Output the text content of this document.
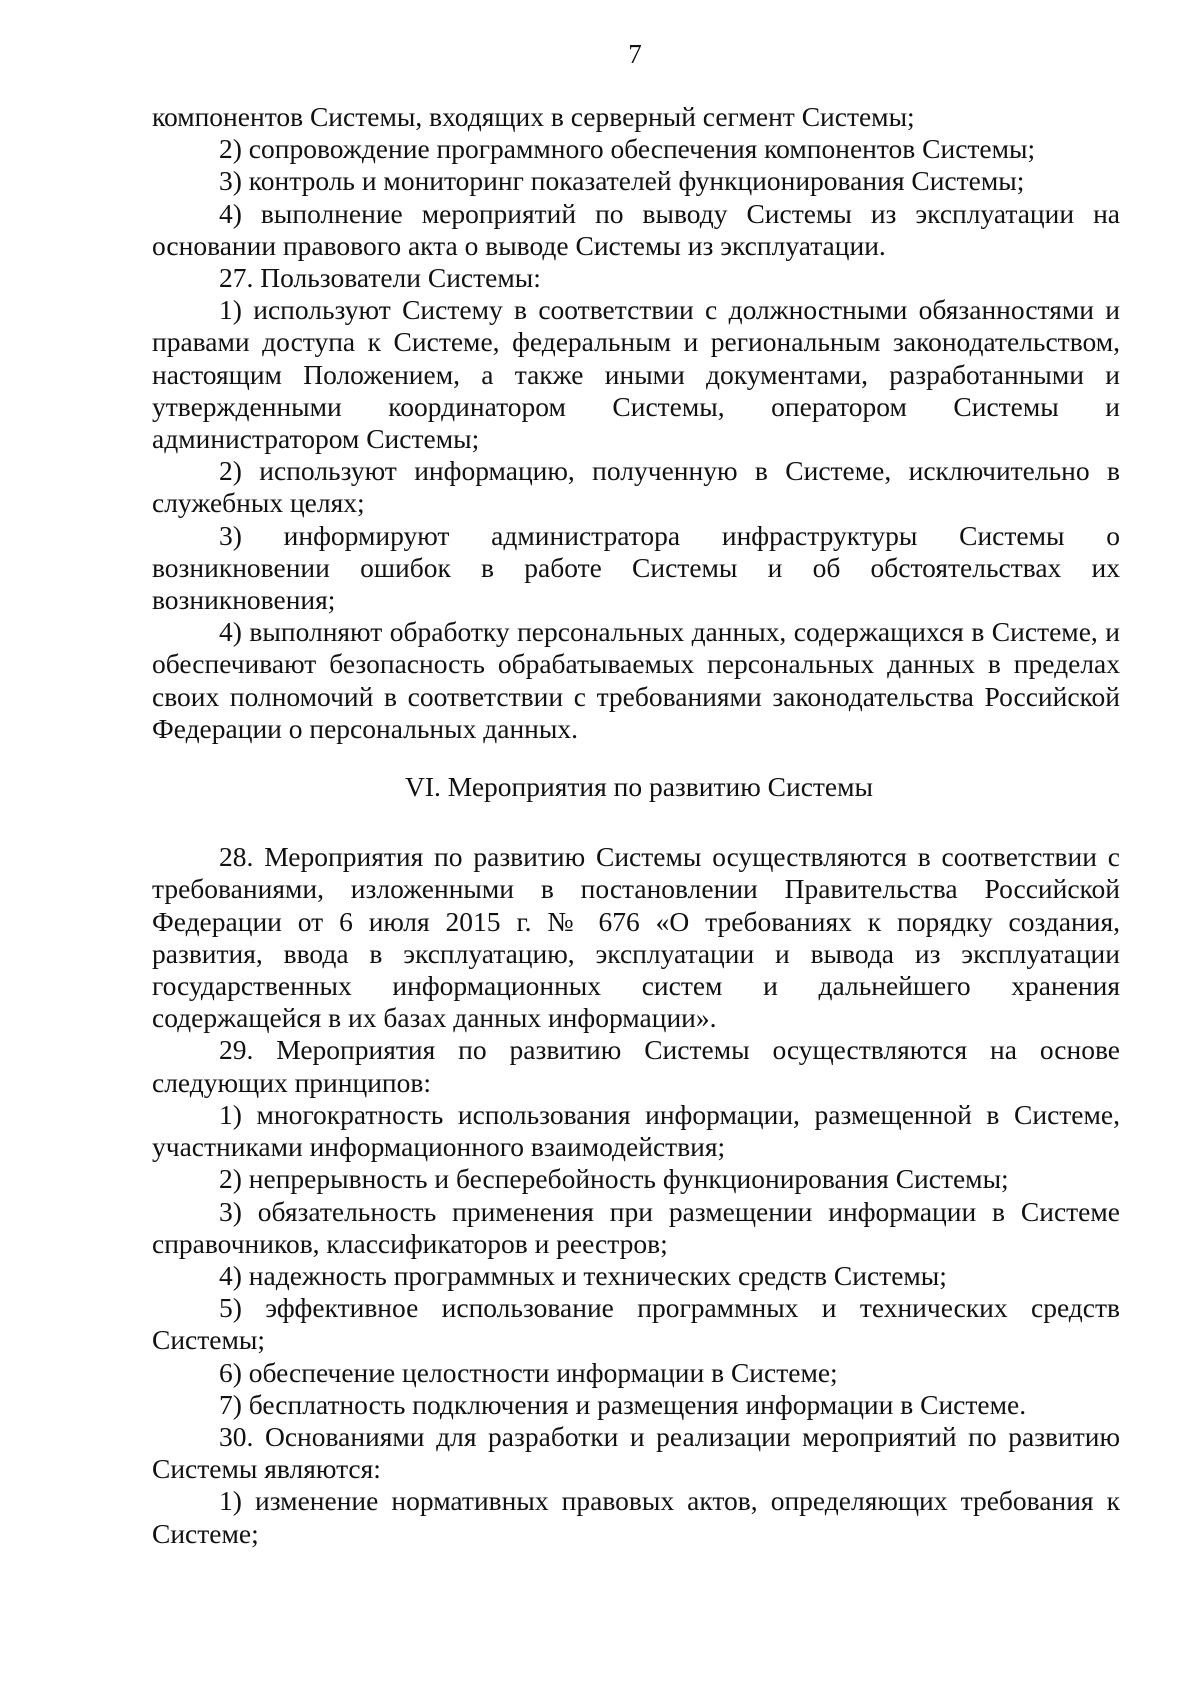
7

компонентов Системы, входящих в серверный сегмент Системы;

2) сопровождение программного обеспечения компонентов Системы;

3) контроль и мониторинг показателей функционирования Системы;

4) выполнение мероприятий по выводу Системы из эксплуатации на основании правового акта о выводе Системы из эксплуатации.

27. Пользователи Системы:

1) используют Систему в соответствии с должностными обязанностями и правами доступа к Системе, федеральным и региональным законодательством, настоящим Положением, а также иными документами, разработанными и утвержденными координатором Системы, оператором Системы и администратором Системы;

2) используют информацию, полученную в Системе, исключительно в служебных целях;

3) информируют администратора инфраструктуры Системы о возникновении ошибок в работе Системы и об обстоятельствах их возникновения;

4) выполняют обработку персональных данных, содержащихся в Системе, и обеспечивают безопасность обрабатываемых персональных данных в пределах своих полномочий в соответствии с требованиями законодательства Российской Федерации о персональных данных.

VI. Мероприятия по развитию Системы

28. Мероприятия по развитию Системы осуществляются в соответствии с требованиями, изложенными в постановлении Правительства Российской Федерации от 6 июля 2015 г. № 676 «О требованиях к порядку создания, развития, ввода в эксплуатацию, эксплуатации и вывода из эксплуатации государственных информационных систем и дальнейшего хранения содержащейся в их базах данных информации».

29. Мероприятия по развитию Системы осуществляются на основе следующих принципов:

1) многократность использования информации, размещенной в Системе, участниками информационного взаимодействия;

2) непрерывность и бесперебойность функционирования Системы;

3) обязательность применения при размещении информации в Системе справочников, классификаторов и реестров;

4) надежность программных и технических средств Системы;

5) эффективное использование программных и технических средств Системы;

6) обеспечение целостности информации в Системе;

7) бесплатность подключения и размещения информации в Системе.

30. Основаниями для разработки и реализации мероприятий по развитию Системы являются:

1) изменение нормативных правовых актов, определяющих требования к Системе;
